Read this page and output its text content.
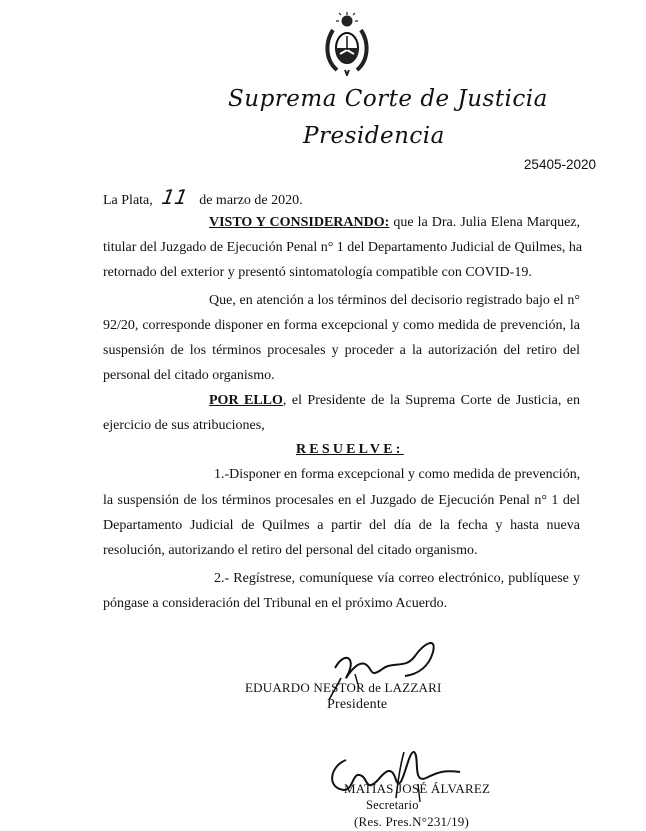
Suprema Corte de Justicia
Presidencia
25405-2020
La Plata, 11 de marzo de 2020.
VISTO Y CONSIDERANDO: que la Dra. Julia Elena Marquez,
titular del Juzgado de Ejecución Penal n° 1 del Departamento Judicial de Quilmes, ha
retornado del exterior y presentó sintomatología compatible con COVID-19.
Que, en atención a los términos del decisorio registrado bajo el n°
92/20, corresponde disponer en forma excepcional y como medida de prevención, la
suspensión de los términos procesales y proceder a la autorización del retiro del
personal del citado organismo.
POR ELLO, el Presidente de la Suprema Corte de Justicia, en
ejercicio de sus atribuciones,
RESUELVE:
1.-Disponer en forma excepcional y como medida de prevención,
la suspensión de los términos procesales en el Juzgado de Ejecución Penal n° 1 del
Departamento Judicial de Quilmes a partir del día de la fecha y hasta nueva
resolución, autorizando el retiro del personal del citado organismo.
2.- Regístrese, comuníquese vía correo electrónico, publíquese y
póngase a consideración del Tribunal en el próximo Acuerdo.
EDUARDO NESTOR de LAZZARI
Presidente
MATIAS JOSÉ ÁLVAREZ
Secretario
(Res. Pres.N°231/19)
